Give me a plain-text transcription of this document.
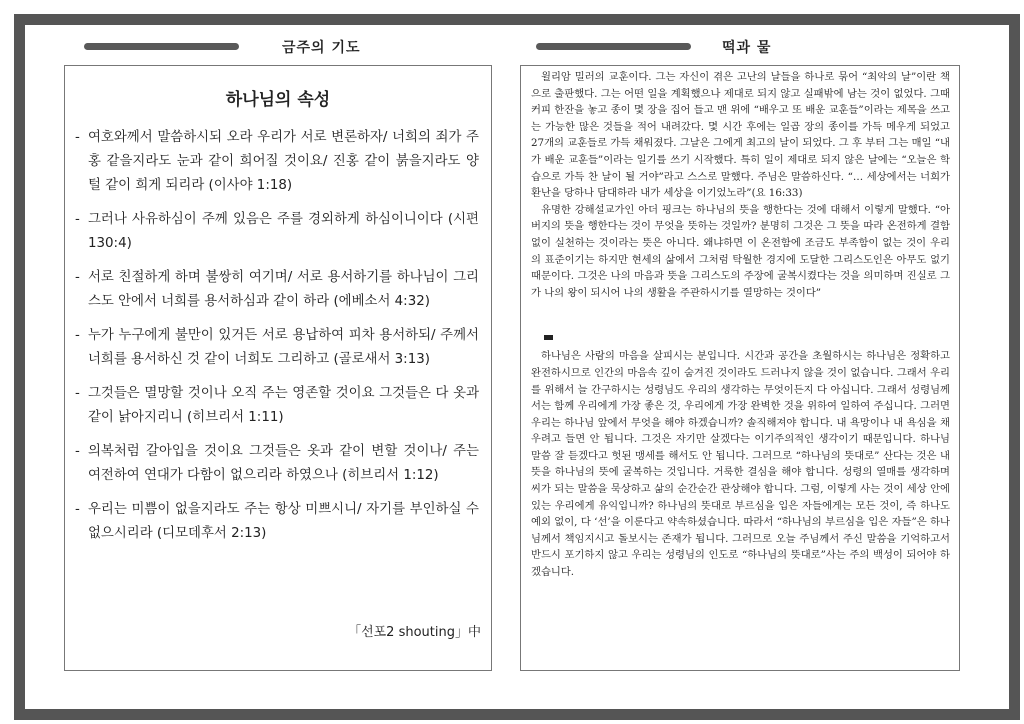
금주의 기도	떡과 물
하나님의 속성
- 여호와께서 말씀하시되 오라 우리가 서로 변론하자/ 너희의 죄가 주홍 같을지라도 눈과 같이 희어질 것이요/ 진홍 같이 붉을지라도 양털 같이 희게 되리라 (이사야 1:18)
- 그러나 사유하심이 주께 있음은 주를 경외하게 하심이니이다 (시편 130:4)
- 서로 친절하게 하며 불쌍히 여기며/ 서로 용서하기를 하나님이 그리스도 안에서 너희를 용서하심과 같이 하라 (에베소서 4:32)
- 누가 누구에게 불만이 있거든 서로 용납하여 피차 용서하되/ 주께서 너희를 용서하신 것 같이 너희도 그리하고 (골로새서 3:13)
- 그것들은 멸망할 것이나 오직 주는 영존할 것이요 그것들은 다 옷과 같이 낡아지리니 (히브리서 1:11)
- 의복처럼 갈아입을 것이요 그것들은 옷과 같이 변할 것이나/ 주는 여전하여 연대가 다함이 없으리라 하였으나 (히브리서 1:12)
- 우리는 미쁨이 없을지라도 주는 항상 미쁘시니/ 자기를 부인하실 수 없으시리라 (디모데후서 2:13)
「선포2 shouting」中

윌리암 밀러의 교훈이다. 그는 자신이 겪은 고난의 날들을 하나로 묶어 “최악의 날”이란 책으로 출판했다. 그는 어떤 일을 계획했으나 제대로 되지 않고 실패밖에 남는 것이 없었다. 그때 커피 한잔을 놓고 종이 몇 장을 집어 들고 맨 위에 “배우고 또 배운 교훈들”이라는 제목을 쓰고는 가능한 많은 것들을 적어 내려갔다. 몇 시간 후에는 일곱 장의 종이를 가득 메우게 되었고 27개의 교훈들로 가득 채워졌다. 그날은 그에게 최고의 날이 되었다. 그 후 부터 그는 매일 “내가 배운 교훈들”이라는 일기를 쓰기 시작했다. 특히 일이 제대로 되지 않은 날에는 “오늘은 학습으로 가득 찬 날이 될 거야”라고 스스로 말했다. 주님은 말씀하신다. “… 세상에서는 너희가 환난을 당하나 담대하라 내가 세상을 이기었노라”(요 16:33)

유명한 강해설교가인 아더 핑크는 하나님의 뜻을 행한다는 것에 대해서 이렇게 말했다. “아버지의 뜻을 행한다는 것이 무엇을 뜻하는 것일까? 분명히 그것은 그 뜻을 따라 온전하게 결함 없이 실천하는 것이라는 뜻은 아니다. 왜냐하면 이 온전함에 조금도 부족함이 없는 것이 우리의 표준이기는 하지만 현세의 삶에서 그처럼 탁월한 경지에 도달한 그리스도인은 아무도 없기 때문이다. 그것은 나의 마음과 뜻을 그리스도의 주장에 굴복시켰다는 것을 의미하며 진실로 그가 나의 왕이 되시어 나의 생활을 주관하시기를 열망하는 것이다”

하나님은 사람의 마음을 살피시는 분입니다. 시간과 공간을 초월하시는 하나님은 정확하고 완전하시므로 인간의 마음속 깊이 숨겨진 것이라도 드러나지 않을 것이 없습니다. 그래서 우리를 위해서 늘 간구하시는 성령님도 우리의 생각하는 무엇이든지 다 아십니다. 그래서 성령님께서는 함께 우리에게 가장 좋은 것, 우리에게 가장 완벽한 것을 위하여 일하여 주십니다. 그러면 우리는 하나님 앞에서 무엇을 해야 하겠습니까? 솔직해져야 합니다. 내 욕망이나 내 욕심을 채우려고 들면 안 됩니다. 그것은 자기만 살겠다는 이기주의적인 생각이기 때문입니다. 하나님 말씀 잘 듣겠다고 헛된 맹세를 해서도 안 됩니다. 그러므로 “하나님의 뜻대로” 산다는 것은 내 뜻을 하나님의 뜻에 굴복하는 것입니다. 거룩한 결심을 해야 합니다. 성령의 열매를 생각하며 씨가 되는 말씀을 묵상하고 삶의 순간순간 관상해야 합니다. 그럼, 이렇게 사는 것이 세상 안에 있는 우리에게 유익입니까? 하나님의 뜻대로 부르심을 입은 자들에게는 모든 것이, 즉 하나도 예외 없이, 다 ‘선’을 이룬다고 약속하셨습니다. 따라서 “하나님의 부르심을 입은 자들”은 하나님께서 책임지시고 돌보시는 존재가 됩니다. 그러므로 오늘 주님께서 주신 말씀을 기억하고서 반드시 포기하지 않고 우리는 성령님의 인도로 “하나님의 뜻대로”사는 주의 백성이 되어야 하겠습니다.
